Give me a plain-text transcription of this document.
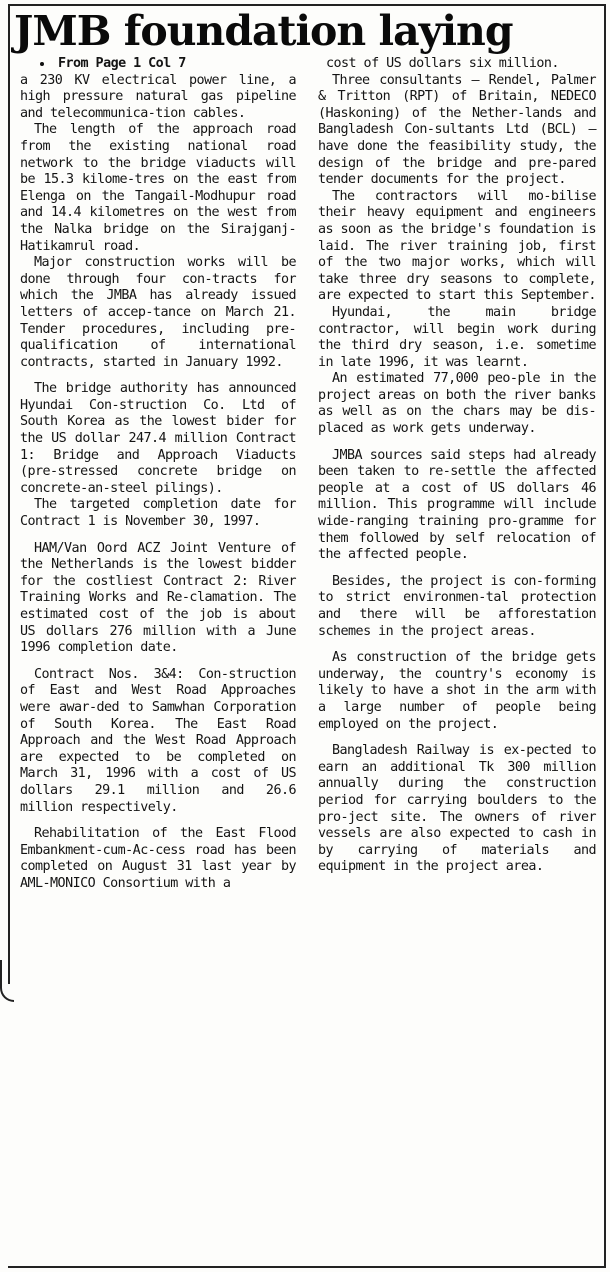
JMB foundation laying

From Page 1 Col 7

a 230 KV electrical power line, a high pressure natural gas pipeline and telecommunica-tion cables.

The length of the approach road from the existing national road network to the bridge viaducts will be 15.3 kilome-tres on the east from Elenga on the Tangail-Modhupur road and 14.4 kilometres on the west from the Nalka bridge on the Sirajganj-Hatikamrul road.

Major construction works will be done through four con-tracts for which the JMBA has already issued letters of accep-tance on March 21. Tender procedures, including pre-qualification of international contracts, started in January 1992.

The bridge authority has announced Hyundai Con-struction Co. Ltd of South Korea as the lowest bider for the US dollar 247.4 million Contract 1: Bridge and Approach Viaducts (pre-stressed concrete bridge on concrete-an-steel pilings).

The targeted completion date for Contract 1 is November 30, 1997.

HAM/Van Oord ACZ Joint Venture of the Netherlands is the lowest bidder for the costliest Contract 2: River Training Works and Re-clamation. The estimated cost of the job is about US dollars 276 million with a June 1996 completion date.

Contract Nos. 3&4: Con-struction of East and West Road Approaches were awar-ded to Samwhan Corporation of South Korea. The East Road Approach and the West Road Approach are expected to be completed on March 31, 1996 with a cost of US dollars 29.1 million and 26.6 million respectively.

Rehabilitation of the East Flood Embankment-cum-Ac-cess road has been completed on August 31 last year by AML-MONICO Consortium with a

cost of US dollars six million.

Three consultants — Rendel, Palmer & Tritton (RPT) of Britain, NEDECO (Haskoning) of the Nether-lands and Bangladesh Con-sultants Ltd (BCL) — have done the feasibility study, the design of the bridge and pre-pared tender documents for the project.

The contractors will mo-bilise their heavy equipment and engineers as soon as the bridge's foundation is laid. The river training job, first of the two major works, which will take three dry seasons to complete, are expected to start this September.

Hyundai, the main bridge contractor, will begin work during the third dry season, i.e. sometime in late 1996, it was learnt.

An estimated 77,000 peo-ple in the project areas on both the river banks as well as on the chars may be dis-placed as work gets underway.

JMBA sources said steps had already been taken to re-settle the affected people at a cost of US dollars 46 million. This programme will include wide-ranging training pro-gramme for them followed by self relocation of the affected people.

Besides, the project is con-forming to strict environmen-tal protection and there will be afforestation schemes in the project areas.

As construction of the bridge gets underway, the country's economy is likely to have a shot in the arm with a large number of people being employed on the project.

Bangladesh Railway is ex-pected to earn an additional Tk 300 million annually during the construction period for carrying boulders to the pro-ject site. The owners of river vessels are also expected to cash in by carrying of materials and equipment in the project area.
